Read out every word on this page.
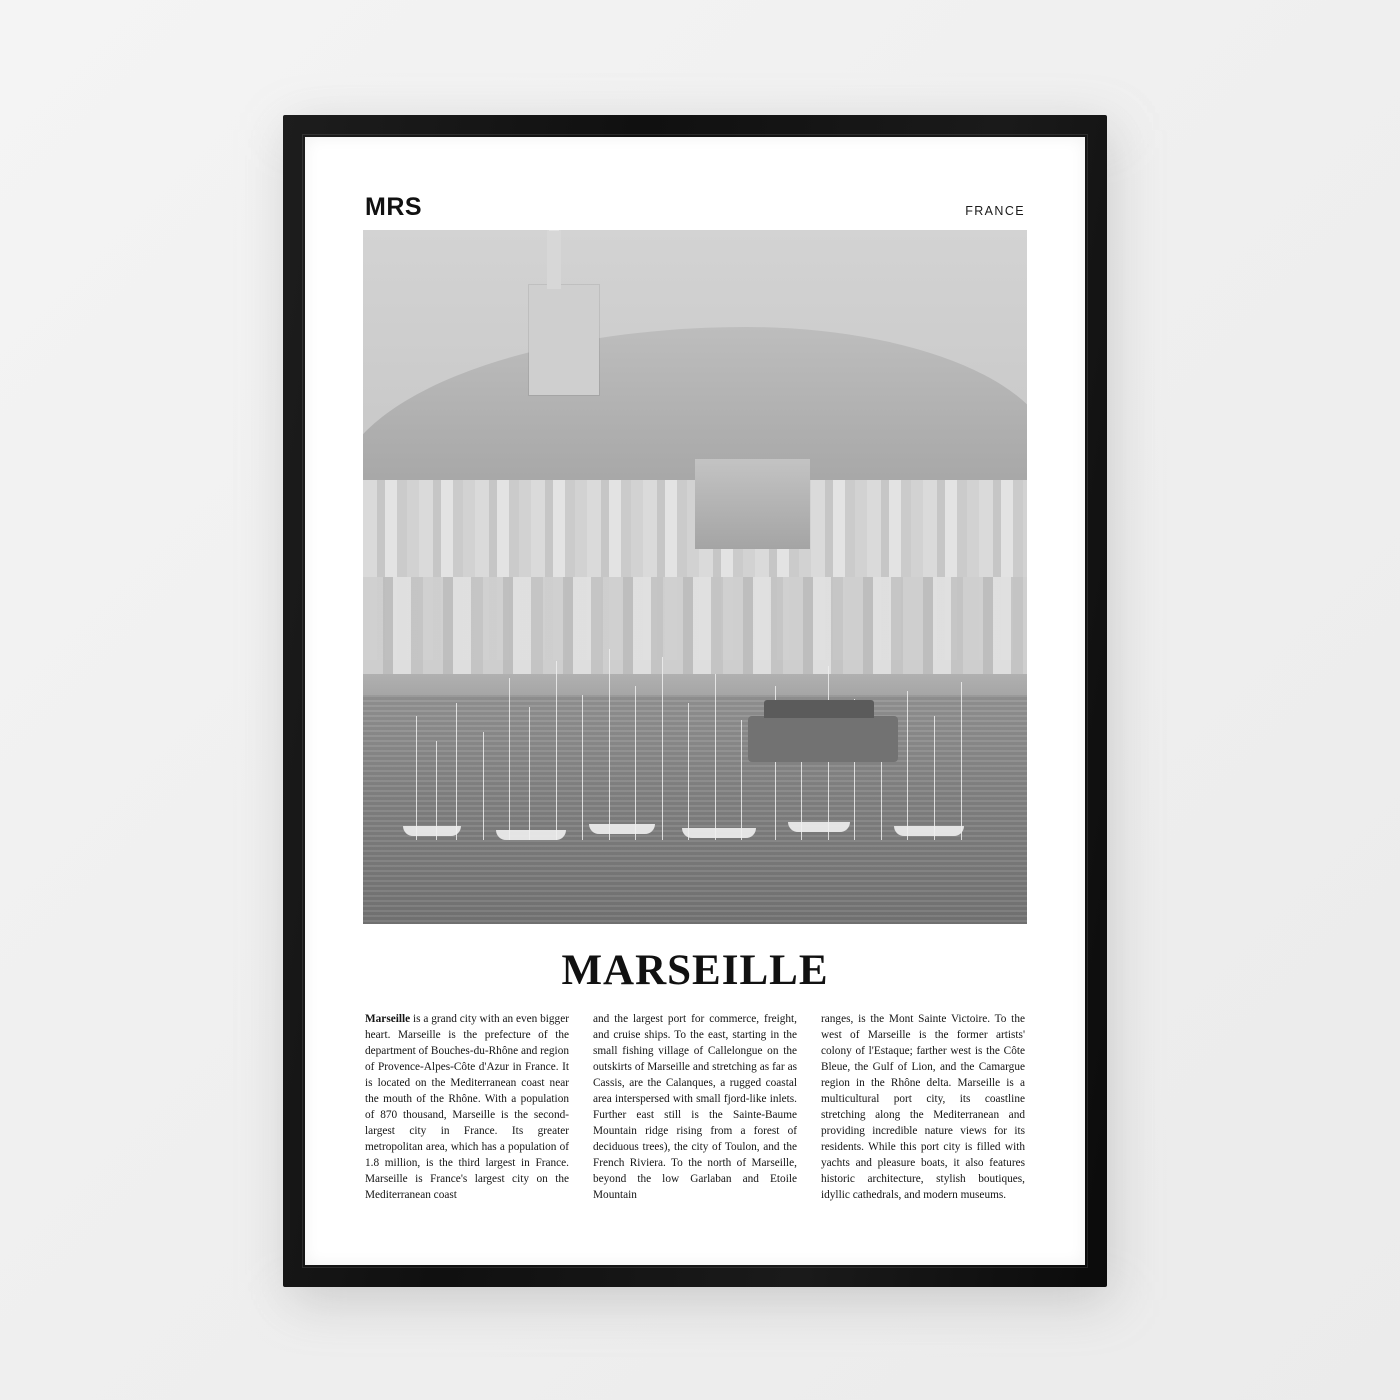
MRS	FRANCE
MARSEILLE
Marseille is a grand city with an even bigger heart. Marseille is the prefecture of the department of Bouches-du-Rhône and region of Provence-Alpes-Côte d'Azur in France. It is located on the Mediterranean coast near the mouth of the Rhône. With a population of 870 thousand, Marseille is the second-largest city in France. Its greater metropolitan area, which has a population of 1.8 million, is the third largest in France. Marseille is France's largest city on the Mediterranean coast
and the largest port for commerce, freight, and cruise ships. To the east, starting in the small fishing village of Callelongue on the outskirts of Marseille and stretching as far as Cassis, are the Calanques, a rugged coastal area interspersed with small fjord-like inlets. Further east still is the Sainte-Baume Mountain ridge rising from a forest of deciduous trees), the city of Toulon, and the French Riviera. To the north of Marseille, beyond the low Garlaban and Etoile Mountain
ranges, is the Mont Sainte Victoire. To the west of Marseille is the former artists' colony of l'Estaque; farther west is the Côte Bleue, the Gulf of Lion, and the Camargue region in the Rhône delta. Marseille is a multicultural port city, its coastline stretching along the Mediterranean and providing incredible nature views for its residents. While this port city is filled with yachts and pleasure boats, it also features historic architecture, stylish boutiques, idyllic cathedrals, and modern museums.
